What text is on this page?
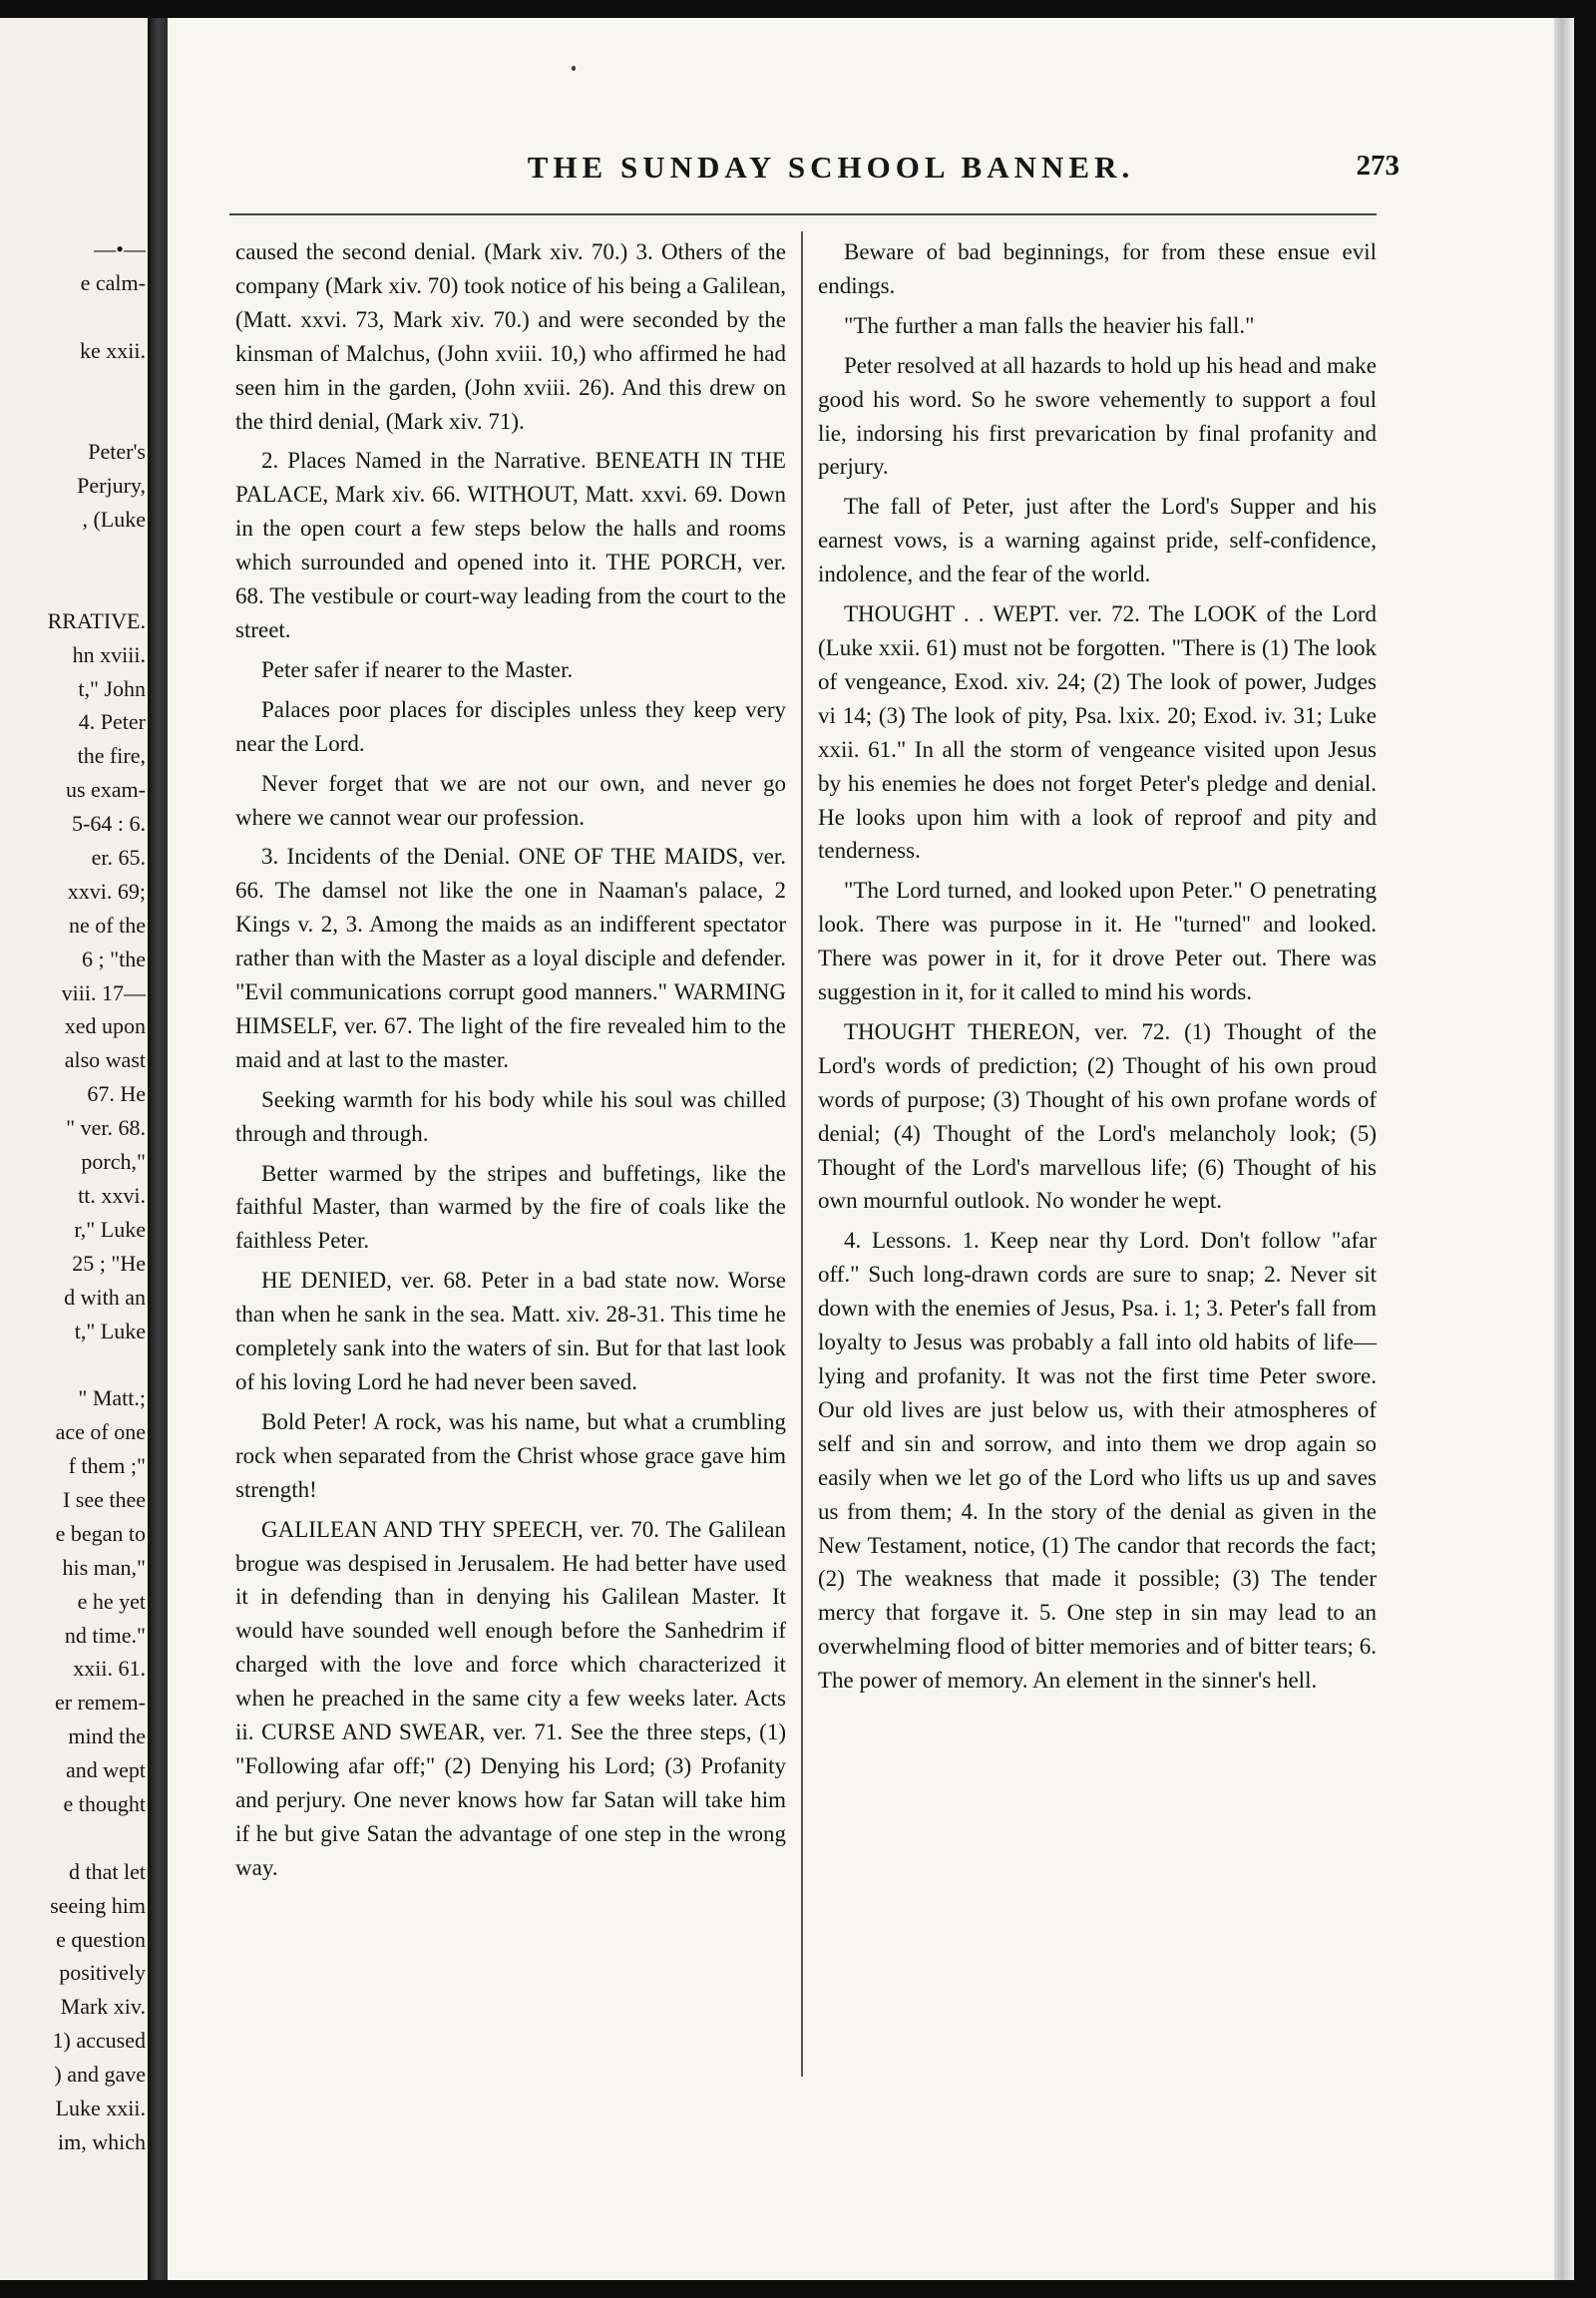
—•—
e calm-
ke xxii.
Peter's
Perjury,
, (Luke
RRATIVE.
hn xviii.
t," John
4. Peter
the fire,
us exam-
5-64 : 6.
er. 65.
xxvi. 69;
ne of the
6 ; "the
viii. 17—
xed upon
also wast
67. He
" ver. 68.
porch,"
tt. xxvi.
r," Luke
25 ; "He
d with an
t," Luke
" Matt.;
ace of one
f them ;"
I see thee
e began to
his man,"
e he yet
nd time."
xxii. 61.
er remem-
mind the
and wept
e thought
d that let
seeing him
e question
positively
Mark xiv.
1) accused
) and gave
Luke xxii.
im, which
THE SUNDAY SCHOOL BANNER.	273

caused the second denial. (Mark xiv. 70.) 3. Others of the company (Mark xiv. 70) took notice of his being a Galilean, (Matt. xxvi. 73, Mark xiv. 70.) and were seconded by the kinsman of Malchus, (John xviii. 10,) who affirmed he had seen him in the garden, (John xviii. 26). And this drew on the third denial, (Mark xiv. 71).

2. Places Named in the Narrative. BENEATH IN THE PALACE, Mark xiv. 66. WITHOUT, Matt. xxvi. 69. Down in the open court a few steps below the halls and rooms which surrounded and opened into it. THE PORCH, ver. 68. The vestibule or court-way leading from the court to the street.

Peter safer if nearer to the Master.

Palaces poor places for disciples unless they keep very near the Lord.

Never forget that we are not our own, and never go where we cannot wear our profession.

3. Incidents of the Denial. ONE OF THE MAIDS, ver. 66. The damsel not like the one in Naaman's palace, 2 Kings v. 2, 3. Among the maids as an indifferent spectator rather than with the Master as a loyal disciple and defender. "Evil communications corrupt good manners." WARMING HIMSELF, ver. 67. The light of the fire revealed him to the maid and at last to the master.

Seeking warmth for his body while his soul was chilled through and through.

Better warmed by the stripes and buffetings, like the faithful Master, than warmed by the fire of coals like the faithless Peter.

HE DENIED, ver. 68. Peter in a bad state now. Worse than when he sank in the sea. Matt. xiv. 28-31. This time he completely sank into the waters of sin. But for that last look of his loving Lord he had never been saved.

Bold Peter! A rock, was his name, but what a crumbling rock when separated from the Christ whose grace gave him strength!

GALILEAN AND THY SPEECH, ver. 70. The Galilean brogue was despised in Jerusalem. He had better have used it in defending than in denying his Galilean Master. It would have sounded well enough before the Sanhedrim if charged with the love and force which characterized it when he preached in the same city a few weeks later. Acts ii. CURSE AND SWEAR, ver. 71. See the three steps, (1) "Following afar off;" (2) Denying his Lord; (3) Profanity and perjury. One never knows how far Satan will take him if he but give Satan the advantage of one step in the wrong way.

Beware of bad beginnings, for from these ensue evil endings.

"The further a man falls the heavier his fall."

Peter resolved at all hazards to hold up his head and make good his word. So he swore vehemently to support a foul lie, indorsing his first prevarication by final profanity and perjury.

The fall of Peter, just after the Lord's Supper and his earnest vows, is a warning against pride, self-confidence, indolence, and the fear of the world.

THOUGHT . . WEPT. ver. 72. The LOOK of the Lord (Luke xxii. 61) must not be forgotten. "There is (1) The look of vengeance, Exod. xiv. 24; (2) The look of power, Judges vi 14; (3) The look of pity, Psa. lxix. 20; Exod. iv. 31; Luke xxii. 61." In all the storm of vengeance visited upon Jesus by his enemies he does not forget Peter's pledge and denial. He looks upon him with a look of reproof and pity and tenderness.

"The Lord turned, and looked upon Peter." O penetrating look. There was purpose in it. He "turned" and looked. There was power in it, for it drove Peter out. There was suggestion in it, for it called to mind his words.

THOUGHT THEREON, ver. 72. (1) Thought of the Lord's words of prediction; (2) Thought of his own proud words of purpose; (3) Thought of his own profane words of denial; (4) Thought of the Lord's melancholy look; (5) Thought of the Lord's marvellous life; (6) Thought of his own mournful outlook. No wonder he wept.

4. Lessons. 1. Keep near thy Lord. Don't follow "afar off." Such long-drawn cords are sure to snap; 2. Never sit down with the enemies of Jesus, Psa. i. 1; 3. Peter's fall from loyalty to Jesus was probably a fall into old habits of life—lying and profanity. It was not the first time Peter swore. Our old lives are just below us, with their atmospheres of self and sin and sorrow, and into them we drop again so easily when we let go of the Lord who lifts us up and saves us from them; 4. In the story of the denial as given in the New Testament, notice, (1) The candor that records the fact; (2) The weakness that made it possible; (3) The tender mercy that forgave it. 5. One step in sin may lead to an overwhelming flood of bitter memories and of bitter tears; 6. The power of memory. An element in the sinner's hell.
